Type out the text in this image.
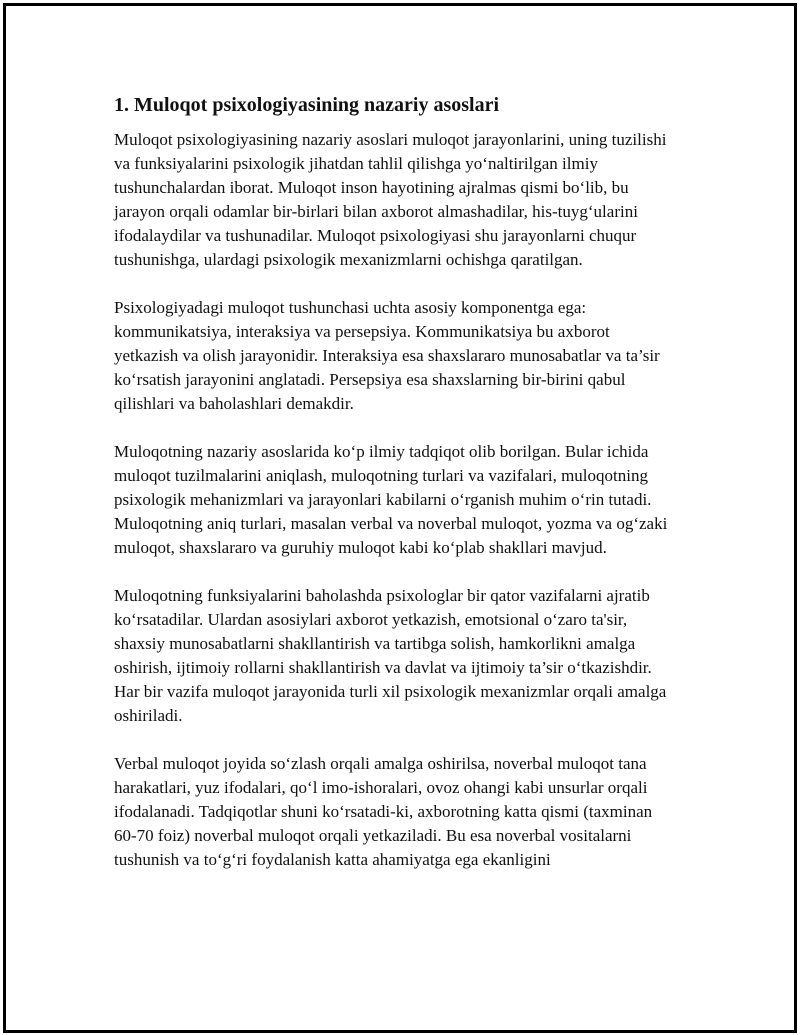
1. Muloqot psixologiyasining nazariy asoslari

Muloqot psixologiyasining nazariy asoslari muloqot jarayonlarini, uning tuzilishi va funksiyalarini psixologik jihatdan tahlil qilishga yo‘naltirilgan ilmiy tushunchalardan iborat. Muloqot inson hayotining ajralmas qismi bo‘lib, bu jarayon orqali odamlar bir-birlari bilan axborot almashadilar, his-tuyg‘ularini ifodalaydilar va tushunadilar. Muloqot psixologiyasi shu jarayonlarni chuqur tushunishga, ulardagi psixologik mexanizmlarni ochishga qaratilgan.

Psixologiyadagi muloqot tushunchasi uchta asosiy komponentga ega: kommunikatsiya, interaksiya va persepsiya. Kommunikatsiya bu axborot yetkazish va olish jarayonidir. Interaksiya esa shaxslararo munosabatlar va ta’sir ko‘rsatish jarayonini anglatadi. Persepsiya esa shaxslarning bir-birini qabul qilishlari va baholashlari demakdir.

Muloqotning nazariy asoslarida ko‘p ilmiy tadqiqot olib borilgan. Bular ichida muloqot tuzilmalarini aniqlash, muloqotning turlari va vazifalari, muloqotning psixologik mehanizmlari va jarayonlari kabilarni o‘rganish muhim o‘rin tutadi. Muloqotning aniq turlari, masalan verbal va noverbal muloqot, yozma va og‘zaki muloqot, shaxslararo va guruhiy muloqot kabi ko‘plab shakllari mavjud.

Muloqotning funksiyalarini baholashda psixologlar bir qator vazifalarni ajratib ko‘rsatadilar. Ulardan asosiylari axborot yetkazish, emotsional o‘zaro ta'sir, shaxsiy munosabatlarni shakllantirish va tartibga solish, hamkorlikni amalga oshirish, ijtimoiy rollarni shakllantirish va davlat va ijtimoiy ta’sir o‘tkazishdir. Har bir vazifa muloqot jarayonida turli xil psixologik mexanizmlar orqali amalga oshiriladi.

Verbal muloqot joyida so‘zlash orqali amalga oshirilsa, noverbal muloqot tana harakatlari, yuz ifodalari, qo‘l imo-ishoralari, ovoz ohangi kabi unsurlar orqali ifodalanadi. Tadqiqotlar shuni ko‘rsatadi-ki, axborotning katta qismi (taxminan 60-70 foiz) noverbal muloqot orqali yetkaziladi. Bu esa noverbal vositalarni tushunish va to‘g‘ri foydalanish katta ahamiyatga ega ekanligini
